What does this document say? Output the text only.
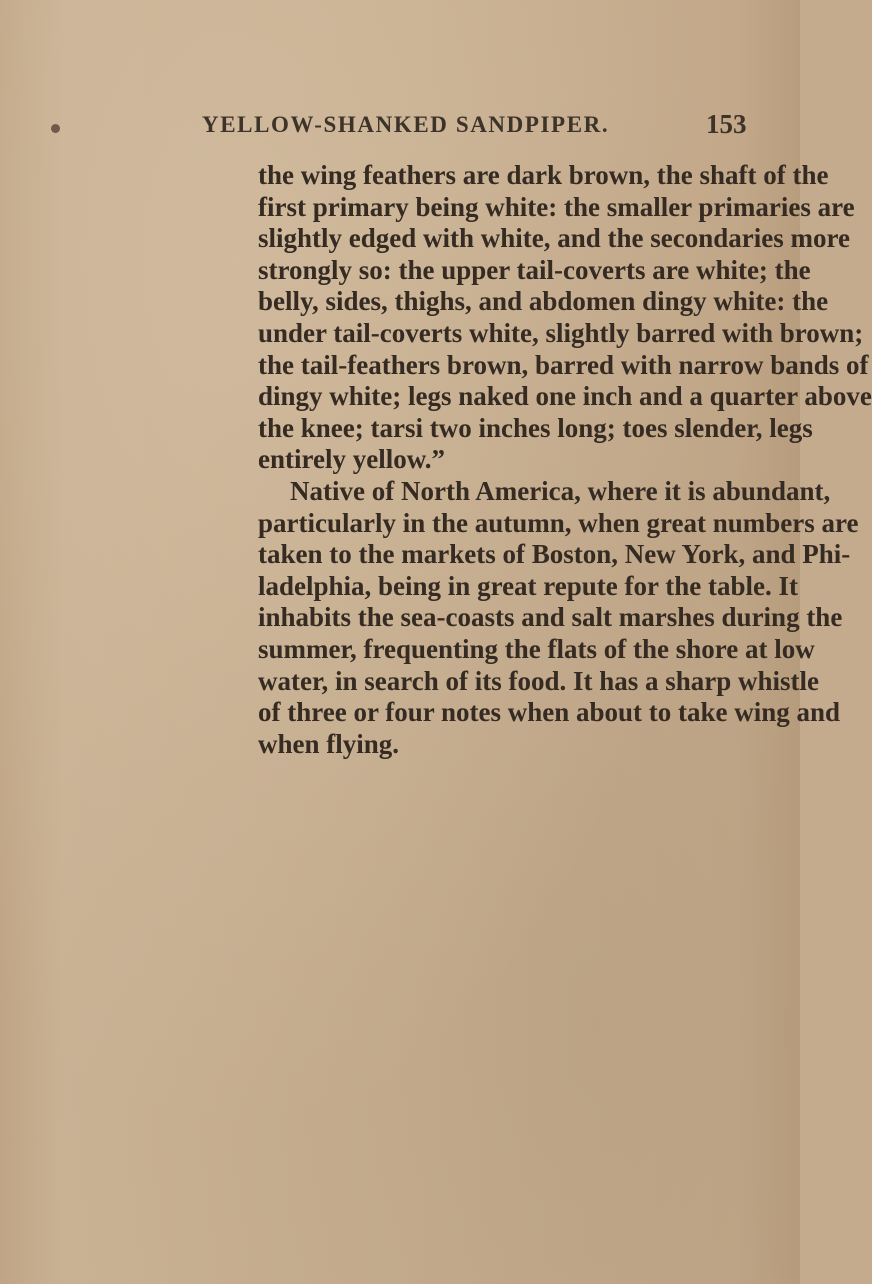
YELLOW-SHANKED SANDPIPER.	153
the wing feathers are dark brown, the shaft of the
first primary being white: the smaller primaries are
slightly edged with white, and the secondaries more
strongly so: the upper tail-coverts are white; the
belly, sides, thighs, and abdomen dingy white: the
under tail-coverts white, slightly barred with brown;
the tail-feathers brown, barred with narrow bands of
dingy white; legs naked one inch and a quarter above
the knee; tarsi two inches long; toes slender, legs
entirely yellow.”
Native of North America, where it is abundant,
particularly in the autumn, when great numbers are
taken to the markets of Boston, New York, and Phi-
ladelphia, being in great repute for the table. It
inhabits the sea-coasts and salt marshes during the
summer, frequenting the flats of the shore at low
water, in search of its food. It has a sharp whistle
of three or four notes when about to take wing and
when flying.
